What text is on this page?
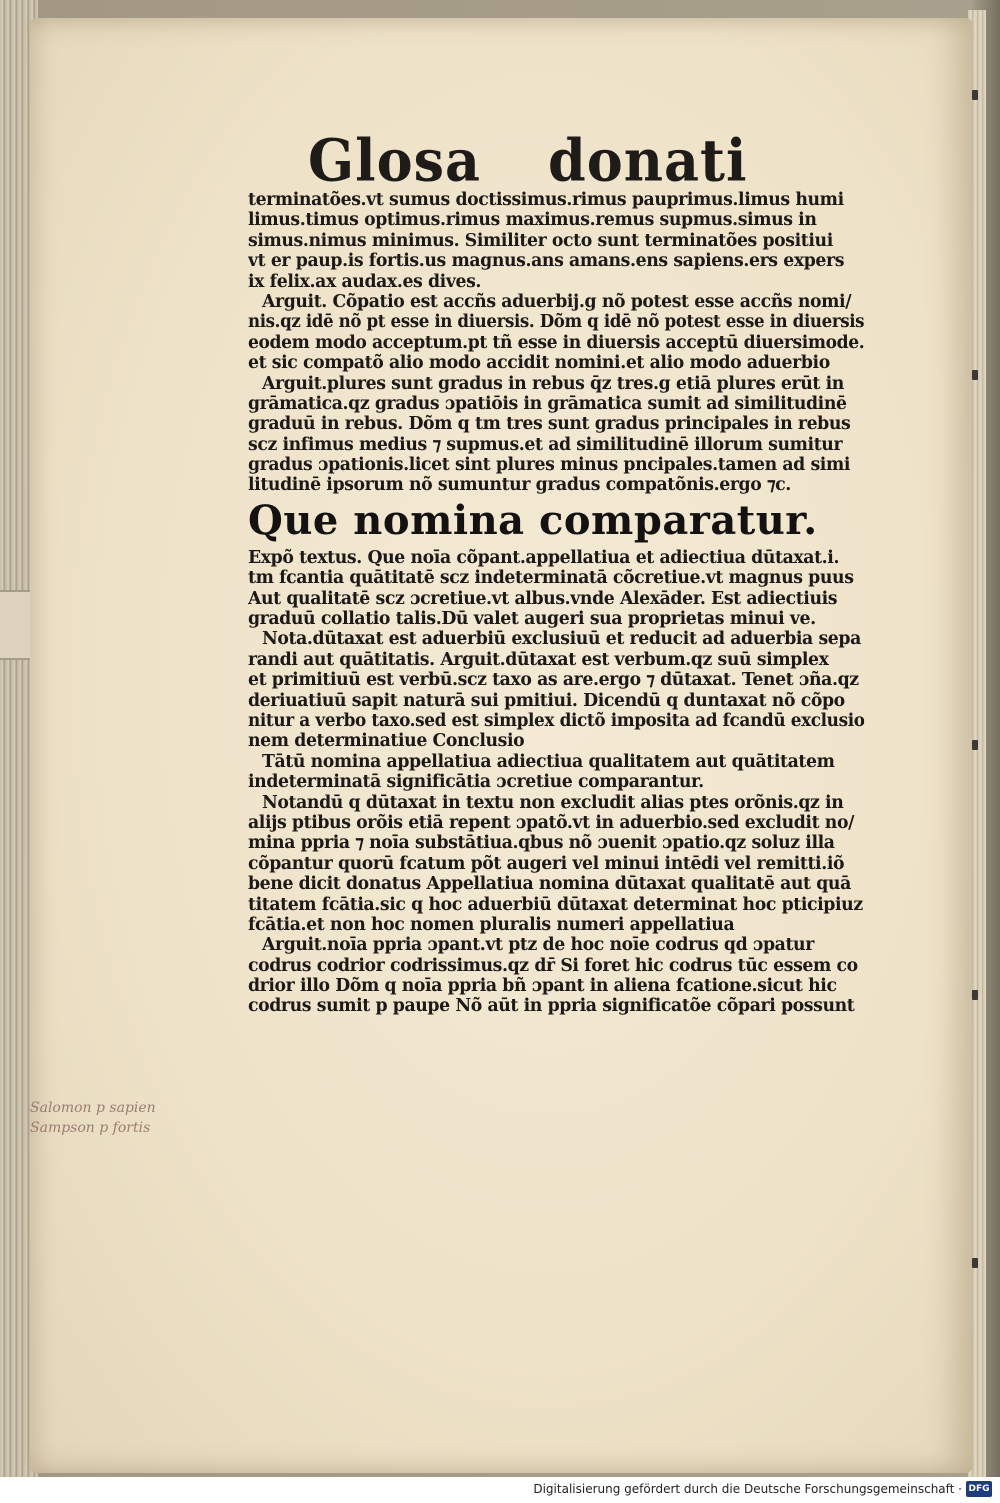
Glosa donati
terminatões.vt sumus doctissimus.rimus pauprimus.limus humi
limus.timus optimus.rimus maximus.remus supmus.simus in
simus.nimus minimus. Similiter octo sunt terminatões positiui
vt er paup.is fortis.us magnus.ans amans.ens sapiens.ers expers
ix felix.ax audax.es dives.
Arguit. Cõpatio est accñs aduerbij.g nõ potest esse accñs nomi/
nis.qz idē nõ pt esse in diuersis. Dõm q idē nõ potest esse in diuersis
eodem modo acceptum.pt tñ esse in diuersis acceptū diuersimode.
et sic compatõ alio modo accidit nomini.et alio modo aduerbio
Arguit.plures sunt gradus in rebus q̄z tres.g etiā plures erūt in
grāmatica.qz gradus ɔpatiōis in grāmatica sumit ad similitudinē
graduū in rebus. Dõm q tm tres sunt gradus principales in rebus
scz infimus medius ⁊ supmus.et ad similitudinē illorum sumitur
gradus ɔpationis.licet sint plures minus pncipales.tamen ad simi
litudinē ipsorum nõ sumuntur gradus compatõnis.ergo ⁊c.
Que nomina comparatur.
Expõ textus. Que noīa cõpant.appellatiua et adiectiua dūtaxat.i.
tm fcantia quātitatē scz indeterminatā cõcretiue.vt magnus puus
Aut qualitatē scz ɔcretiue.vt albus.vnde Alexāder. Est adiectiuis
graduū collatio talis.Dū valet augeri sua proprietas minui ve.
Nota.dūtaxat est aduerbiū exclusiuū et reducit ad aduerbia sepa
randi aut quātitatis. Arguit.dūtaxat est verbum.qz suū simplex
et primitiuū est verbū.scz taxo as are.ergo ⁊ dūtaxat. Tenet ɔña.qz
deriuatiuū sapit naturā sui pmitiui. Dicendū q duntaxat nõ cõpo
nitur a verbo taxo.sed est simplex dictõ imposita ad fcandū exclusio
nem determinatiue Conclusio
Tātū nomina appellatiua adiectiua qualitatem aut quātitatem
indeterminatā significātia ɔcretiue comparantur.
Notandū q dūtaxat in textu non excludit alias ptes orõnis.qz in
alijs ptibus orõis etiā repent ɔpatõ.vt in aduerbio.sed excludit no/
mina ppria ⁊ noīa substātiua.qbus nõ ɔuenit ɔpatio.qz soluz illa
cõpantur quorū fcatum põt augeri vel minui intēdi vel remitti.iõ
bene dicit donatus Appellatiua nomina dūtaxat qualitatē aut quā
titatem fcātia.sic q hoc aduerbiū dūtaxat determinat hoc pticipiuz
fcātia.et non hoc nomen pluralis numeri appellatiua
Arguit.noīa ppria ɔpant.vt ptz de hoc noīe codrus qd̄ ɔpatur
codrus codrior codrissimus.qz dr̄ Si foret hic codrus tūc essem co
drior illo Dõm q noīa ppria bñ ɔpant in aliena fcatione.sicut hic
codrus sumit p paupe Nõ aūt in ppria significatõe cõpari possunt
Salomon p sapien
Sampson p fortis
Digitalisierung gefördert durch die Deutsche Forschungsgemeinschaft · DFG
